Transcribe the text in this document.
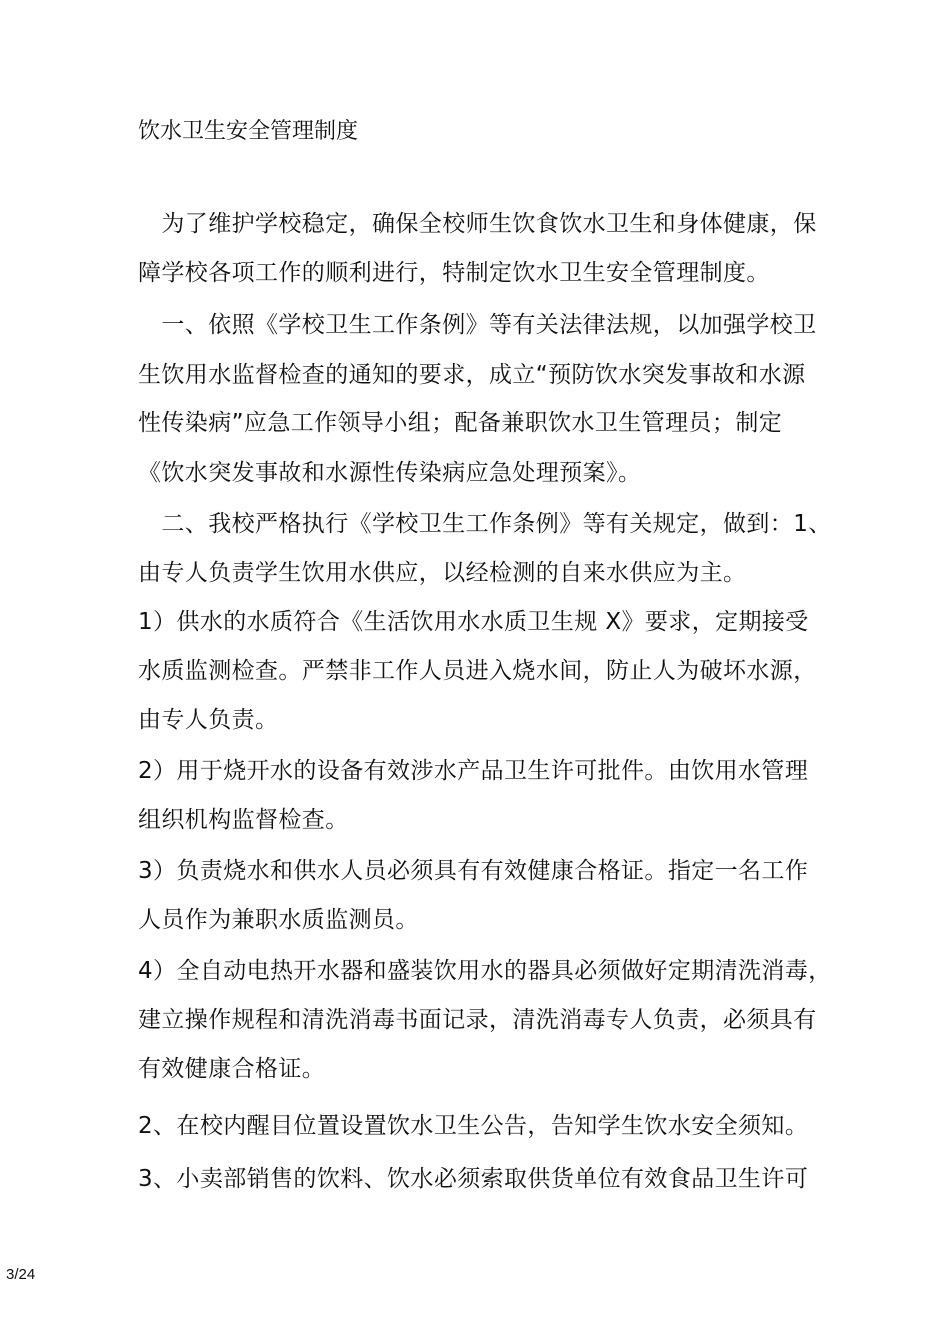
饮水卫生安全管理制度
　为了维护学校稳定，确保全校师生饮食饮水卫生和身体健康，保
障学校各项工作的顺利进行，特制定饮水卫生安全管理制度。
　一、依照《学校卫生工作条例》等有关法律法规，以加强学校卫
生饮用水监督检查的通知的要求，成立“预防饮水突发事故和水源
性传染病”应急工作领导小组；配备兼职饮水卫生管理员；制定
《饮水突发事故和水源性传染病应急处理预案》。
　二、我校严格执行《学校卫生工作条例》等有关规定，做到：1、
由专人负责学生饮用水供应，以经检测的自来水供应为主。
1）供水的水质符合《生活饮用水水质卫生规 X》要求，定期接受
水质监测检查。严禁非工作人员进入烧水间，防止人为破坏水源，
由专人负责。
2）用于烧开水的设备有效涉水产品卫生许可批件。由饮用水管理
组织机构监督检查。
3）负责烧水和供水人员必须具有有效健康合格证。指定一名工作
人员作为兼职水质监测员。
4）全自动电热开水器和盛装饮用水的器具必须做好定期清洗消毒，
建立操作规程和清洗消毒书面记录，清洗消毒专人负责，必须具有
有效健康合格证。
2、在校内醒目位置设置饮水卫生公告，告知学生饮水安全须知。
3、小卖部销售的饮料、饮水必须索取供货单位有效食品卫生许可
3/24
